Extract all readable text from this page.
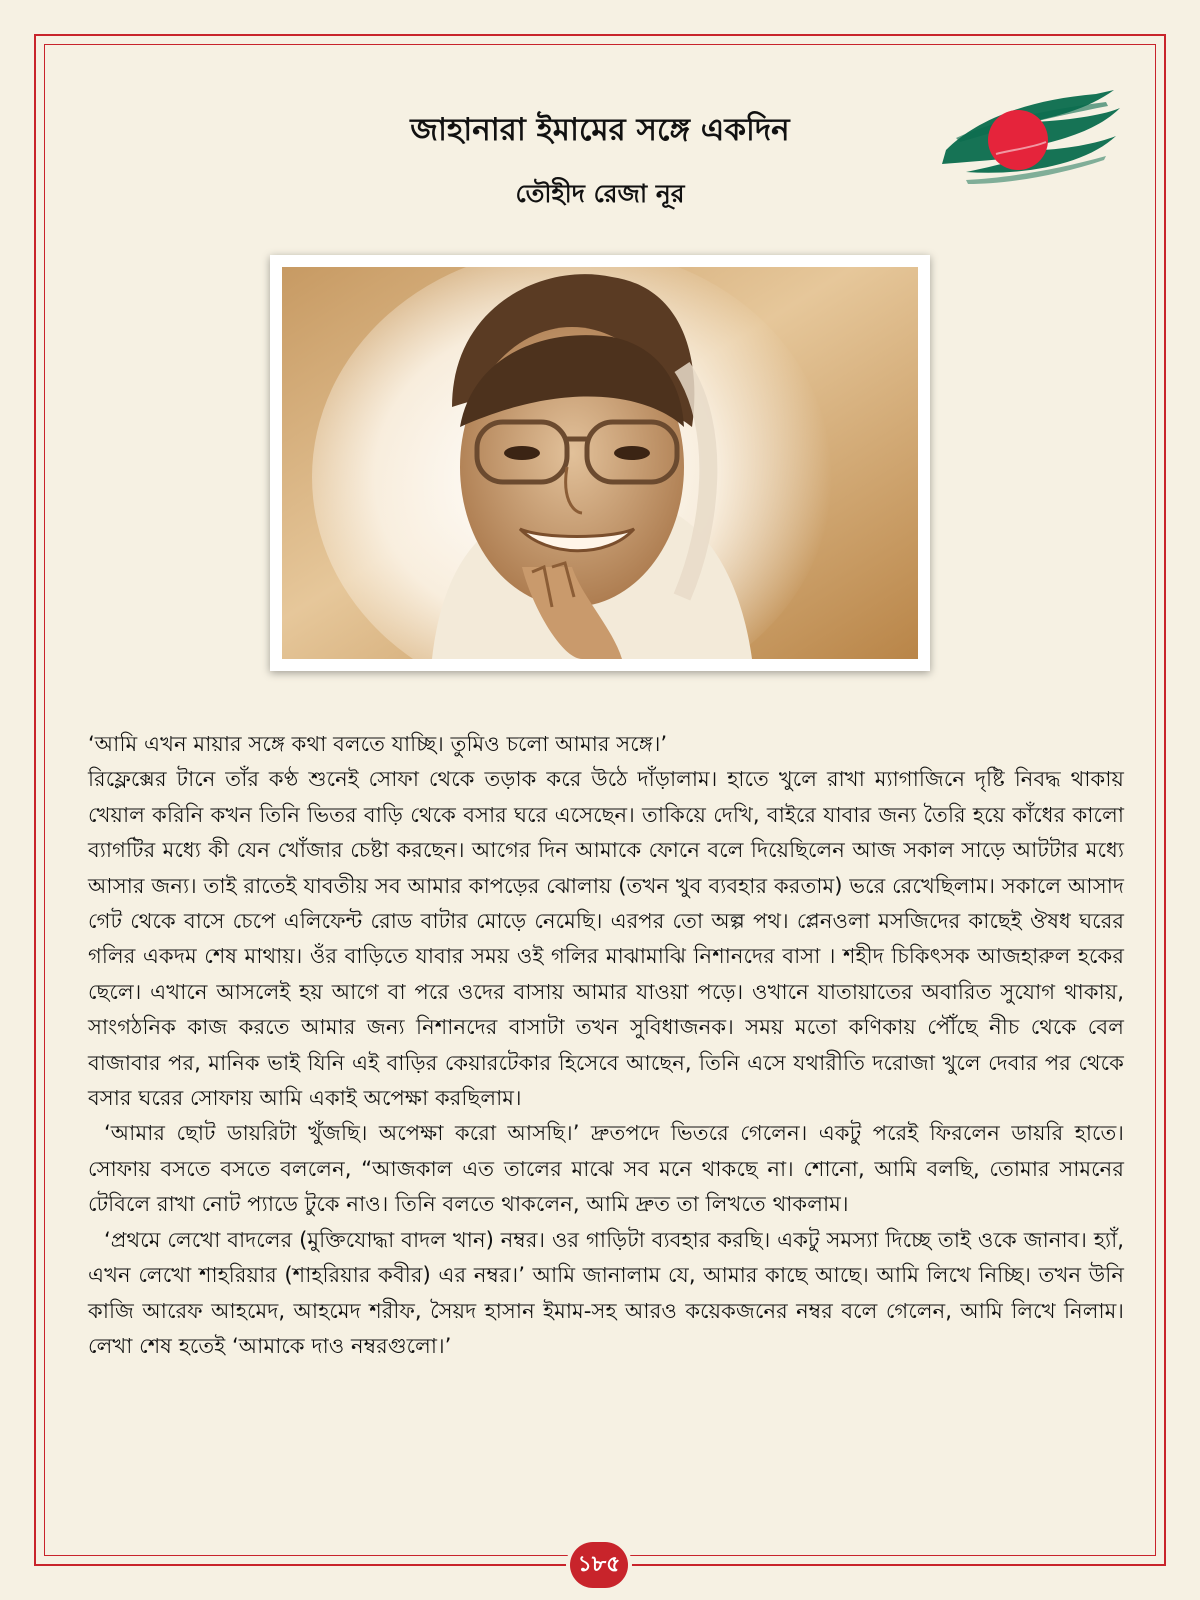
জাহানারা ইমামের সঙ্গে একদিন
তৌহীদ রেজা নূর

‘আমি এখন মায়ার সঙ্গে কথা বলতে যাচ্ছি। তুমিও চলো আমার সঙ্গে।’

রিফ্লেক্সের টানে তাঁর কণ্ঠ শুনেই সোফা থেকে তড়াক করে উঠে দাঁড়ালাম। হাতে খুলে রাখা ম্যাগাজিনে দৃষ্টি নিবদ্ধ থাকায় খেয়াল করিনি কখন তিনি ভিতর বাড়ি থেকে বসার ঘরে এসেছেন। তাকিয়ে দেখি, বাইরে যাবার জন্য তৈরি হয়ে কাঁধের কালো ব্যাগটির মধ্যে কী যেন খোঁজার চেষ্টা করছেন। আগের দিন আমাকে ফোনে বলে দিয়েছিলেন আজ সকাল সাড়ে আটটার মধ্যে আসার জন্য। তাই রাতেই যাবতীয় সব আমার কাপড়ের ঝোলায় (তখন খুব ব্যবহার করতাম) ভরে রেখেছিলাম। সকালে আসাদ গেট থেকে বাসে চেপে এলিফেন্ট রোড বাটার মোড়ে নেমেছি। এরপর তো অল্প পথ। প্লেনওলা মসজিদের কাছেই ঔষধ ঘরের গলির একদম শেষ মাথায়। ওঁর বাড়িতে যাবার সময় ওই গলির মাঝামাঝি নিশানদের বাসা । শহীদ চিকিৎসক আজহারুল হকের ছেলে। এখানে আসলেই হয় আগে বা পরে ওদের বাসায় আমার যাওয়া পড়ে। ওখানে যাতায়াতের অবারিত সুযোগ থাকায়, সাংগঠনিক কাজ করতে আমার জন্য নিশানদের বাসাটা তখন সুবিধাজনক। সময় মতো কণিকায় পৌঁছে নীচ থেকে বেল বাজাবার পর, মানিক ভাই যিনি এই বাড়ির কেয়ারটেকার হিসেবে আছেন, তিনি এসে যথারীতি দরোজা খুলে দেবার পর থেকে বসার ঘরের সোফায় আমি একাই অপেক্ষা করছিলাম।

‘আমার ছোট ডায়রিটা খুঁজছি। অপেক্ষা করো আসছি।’ দ্রুতপদে ভিতরে গেলেন। একটু পরেই ফিরলেন ডায়রি হাতে। সোফায় বসতে বসতে বললেন, “আজকাল এত তালের মাঝে সব মনে থাকছে না। শোনো, আমি বলছি, তোমার সামনের টেবিলে রাখা নোট প্যাডে টুকে নাও। তিনি বলতে থাকলেন, আমি দ্রুত তা লিখতে থাকলাম।

‘প্রথমে লেখো বাদলের (মুক্তিযোদ্ধা বাদল খান) নম্বর। ওর গাড়িটা ব্যবহার করছি। একটু সমস্যা দিচ্ছে তাই ওকে জানাব। হ্যাঁ, এখন লেখো শাহরিয়ার (শাহরিয়ার কবীর) এর নম্বর।’ আমি জানালাম যে, আমার কাছে আছে। আমি লিখে নিচ্ছি। তখন উনি কাজি আরেফ আহমেদ, আহমেদ শরীফ, সৈয়দ হাসান ইমাম-সহ আরও কয়েকজনের নম্বর বলে গেলেন, আমি লিখে নিলাম। লেখা শেষ হতেই ‘আমাকে দাও নম্বরগুলো।’

১৮৫
